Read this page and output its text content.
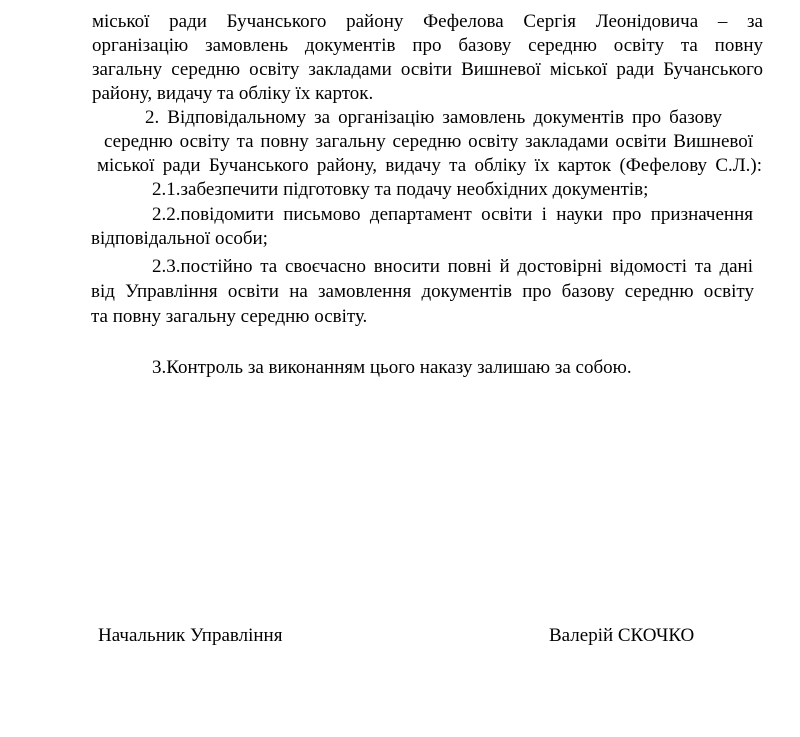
міської ради Бучанського району Фефелова Сергія Леонідовича – за
організацію замовлень документів про базову середню освіту та повну
загальну середню освіту закладами освіти Вишневої міської ради Бучанського
району, видачу та обліку їх карток.
2. Відповідальному за організацію замовлень документів про базову
середню освіту та повну загальну середню освіту закладами освіти Вишневої
міської ради Бучанського району, видачу та обліку їх карток (Фефелову С.Л.):
2.1.забезпечити підготовку та подачу необхідних документів;
2.2.повідомити письмово департамент освіти і науки про призначення
відповідальної особи;
2.3.постійно та своєчасно вносити повні й достовірні відомості та дані
від Управління освіти на замовлення документів про базову середню освіту
та повну загальну середню освіту.
3.Контроль за виконанням цього наказу залишаю за собою.
Начальник Управління	Валерій СКОЧКО
